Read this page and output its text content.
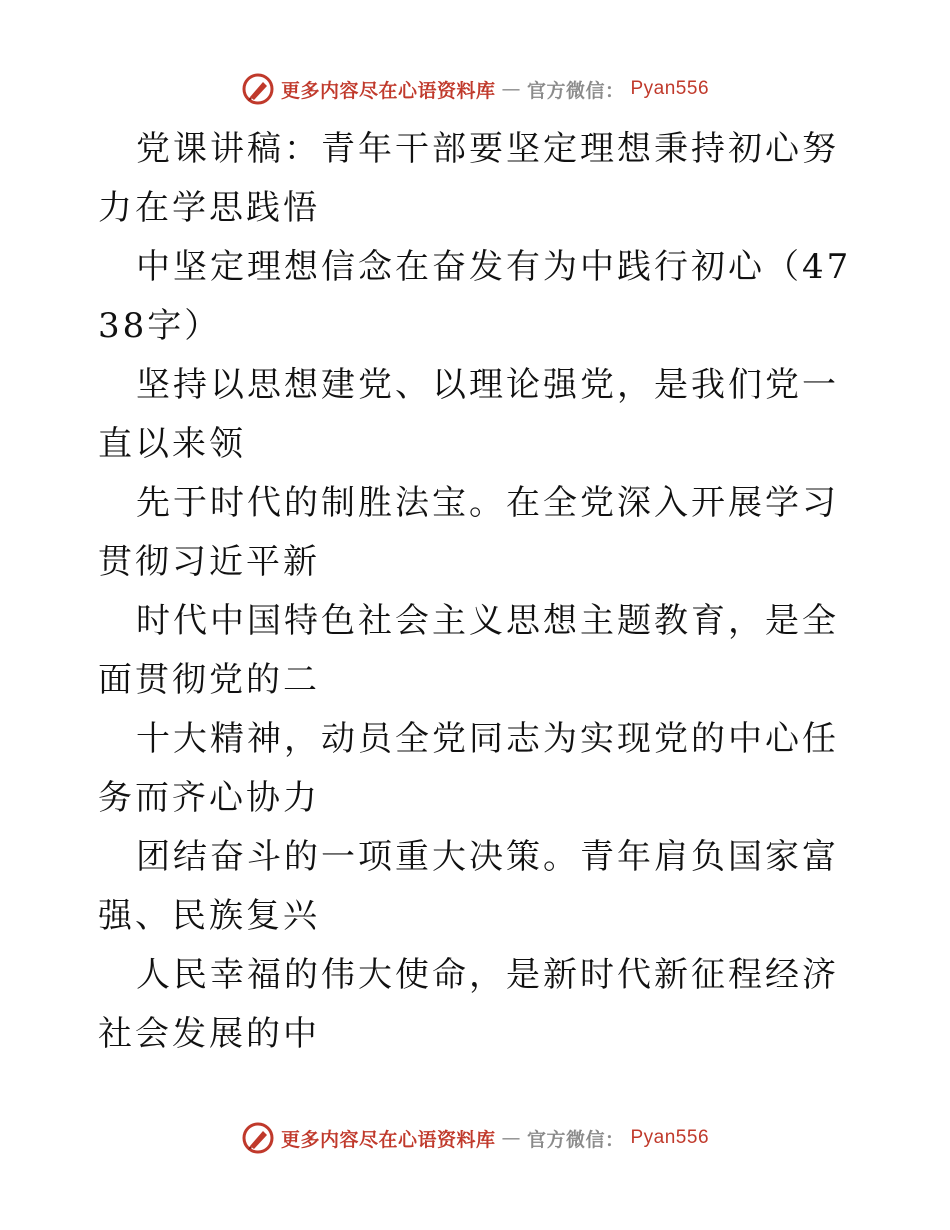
更多内容尽在心语资料库 — 官方微信： Pyan556

党课讲稿：青年干部要坚定理想秉持初心努力在学思践悟

中坚定理想信念在奋发有为中践行初心（4738字）

坚持以思想建党、以理论强党，是我们党一直以来领

先于时代的制胜法宝。在全党深入开展学习贯彻习近平新

时代中国特色社会主义思想主题教育，是全面贯彻党的二

十大精神，动员全党同志为实现党的中心任务而齐心协力

团结奋斗的一项重大决策。青年肩负国家富强、民族复兴

人民幸福的伟大使命，是新时代新征程经济社会发展的中

更多内容尽在心语资料库 — 官方微信： Pyan556
